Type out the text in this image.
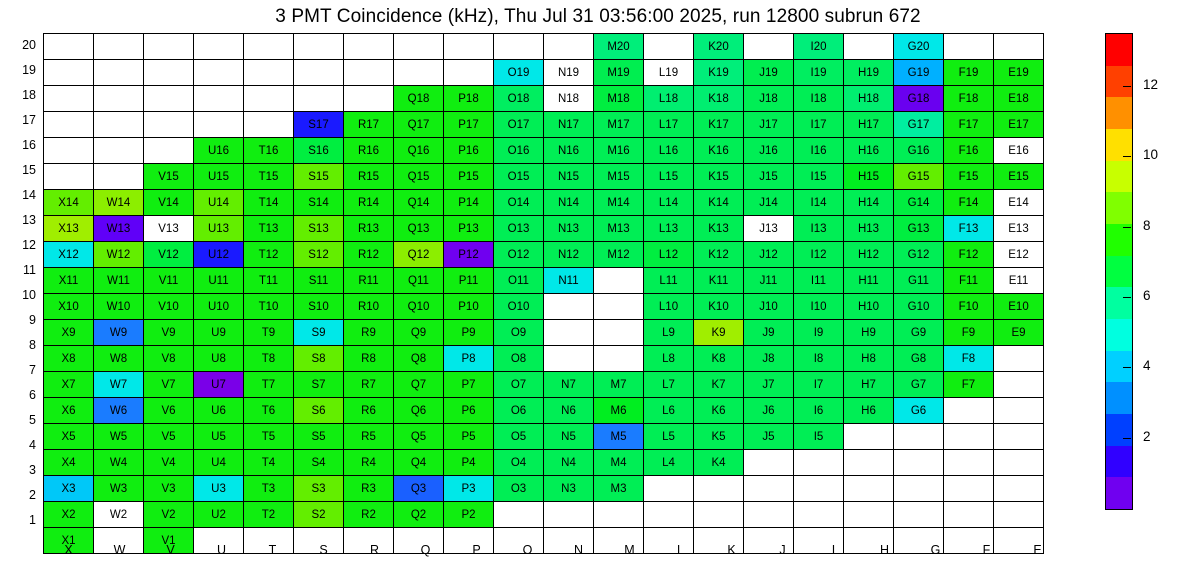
3 PMT Coincidence (kHz), Thu Jul 31 03:56:00 2025, run 12800 subrun 672
20
19
18
17
16
15
14
13
12
11
10
9
8
7
6
5
4
3
2
1
											M20		K20		I20		G20		
									O19	N19	M19	L19	K19	J19	I19	H19	G19	F19	E19
							Q18	P18	O18	N18	M18	L18	K18	J18	I18	H18	G18	F18	E18
					S17	R17	Q17	P17	O17	N17	M17	L17	K17	J17	I17	H17	G17	F17	E17
			U16	T16	S16	R16	Q16	P16	O16	N16	M16	L16	K16	J16	I16	H16	G16	F16	E16
		V15	U15	T15	S15	R15	Q15	P15	O15	N15	M15	L15	K15	J15	I15	H15	G15	F15	E15
X14	W14	V14	U14	T14	S14	R14	Q14	P14	O14	N14	M14	L14	K14	J14	I14	H14	G14	F14	E14
X13	W13	V13	U13	T13	S13	R13	Q13	P13	O13	N13	M13	L13	K13	J13	I13	H13	G13	F13	E13
X12	W12	V12	U12	T12	S12	R12	Q12	P12	O12	N12	M12	L12	K12	J12	I12	H12	G12	F12	E12
X11	W11	V11	U11	T11	S11	R11	Q11	P11	O11	N11		L11	K11	J11	I11	H11	G11	F11	E11
X10	W10	V10	U10	T10	S10	R10	Q10	P10	O10			L10	K10	J10	I10	H10	G10	F10	E10
X9	W9	V9	U9	T9	S9	R9	Q9	P9	O9			L9	K9	J9	I9	H9	G9	F9	E9
X8	W8	V8	U8	T8	S8	R8	Q8	P8	O8			L8	K8	J8	I8	H8	G8	F8	
X7	W7	V7	U7	T7	S7	R7	Q7	P7	O7	N7	M7	L7	K7	J7	I7	H7	G7	F7	
X6	W6	V6	U6	T6	S6	R6	Q6	P6	O6	N6	M6	L6	K6	J6	I6	H6	G6		
X5	W5	V5	U5	T5	S5	R5	Q5	P5	O5	N5	M5	L5	K5	J5	I5				
X4	W4	V4	U4	T4	S4	R4	Q4	P4	O4	N4	M4	L4	K4						
X3	W3	V3	U3	T3	S3	R3	Q3	P3	O3	N3	M3								
X2	W2	V2	U2	T2	S2	R2	Q2	P2											
X1		V1																	
X	W	V	U	T	S	R	Q	P	O	N	M	L	K	J	I	H	G	F	E
2
4
6
8
10
12
